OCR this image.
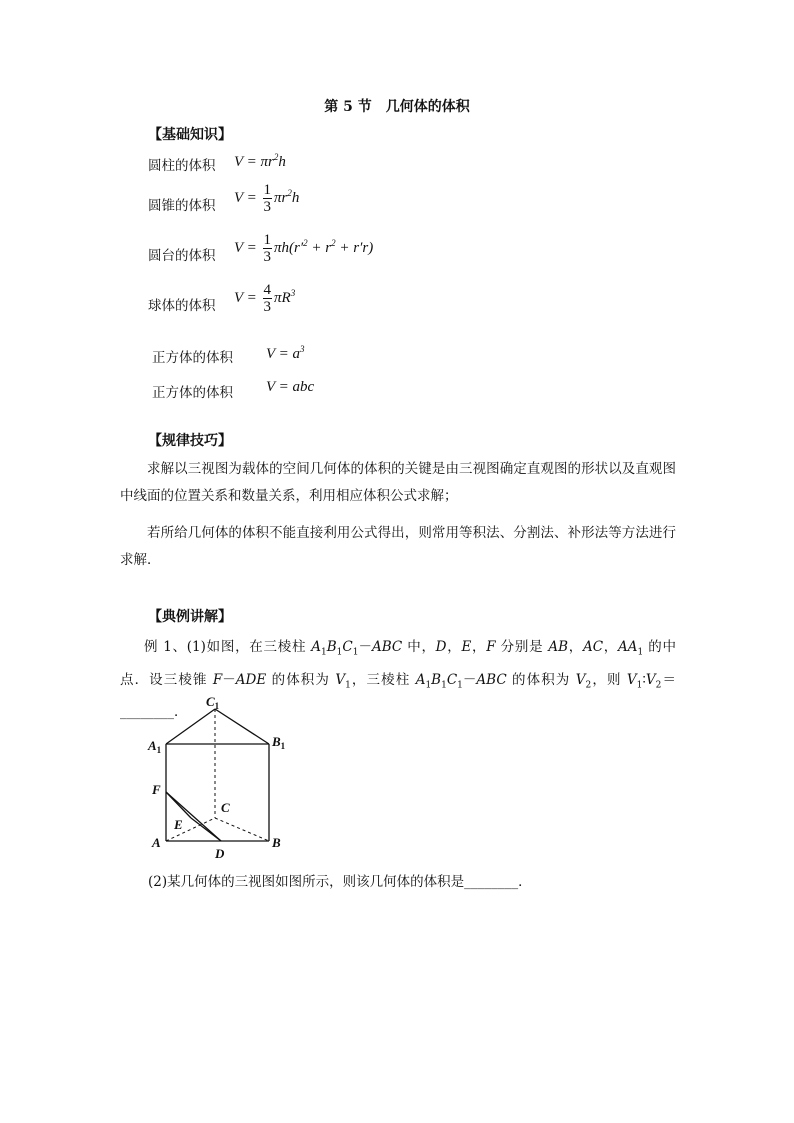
第 5 节　几何体的体积
【基础知识】
圆柱的体积 $V = \pi r^2h$
圆锥的体积
$V = \frac{1}{3} \pi r^2h$
圆台的体积
$V = \frac{1}{3} \pi h(r'^2 + r^2 + r'r)$
球体的体积
$V = \frac{4}{3} \pi R^3$
正方体的体积 $V = a^3$
正方体的体积 V = abc
【规律技巧】
求解以三视图为载体的空间几何体的体积的关键是由三视图确定直观图的形状以及直观图中线面的位置关系和数量关系，利用相应体积公式求解；
若所给几何体的体积不能直接利用公式得出，则常用等积法、分割法、补形法等方法进行求解．
【典例讲解】
例 1、(1)如图，在三棱柱 $A_1B_1C_1-ABC$ 中，D，E，F 分别是 AB，AC，$AA_1$ 的中点．设三棱锥 F－ADE 的体积为 $V_1$，三棱柱 $A_1B_1C_1-ABC$ 的体积为 $V_2$，则 $V_1∶V_2=\_\_\_\_\_\_\_\_$．
$C_1$
$A_1$
$B_1$
F
C
E
A	B
D
(2)某几何体的三视图如图所示，则该几何体的体积是________．
